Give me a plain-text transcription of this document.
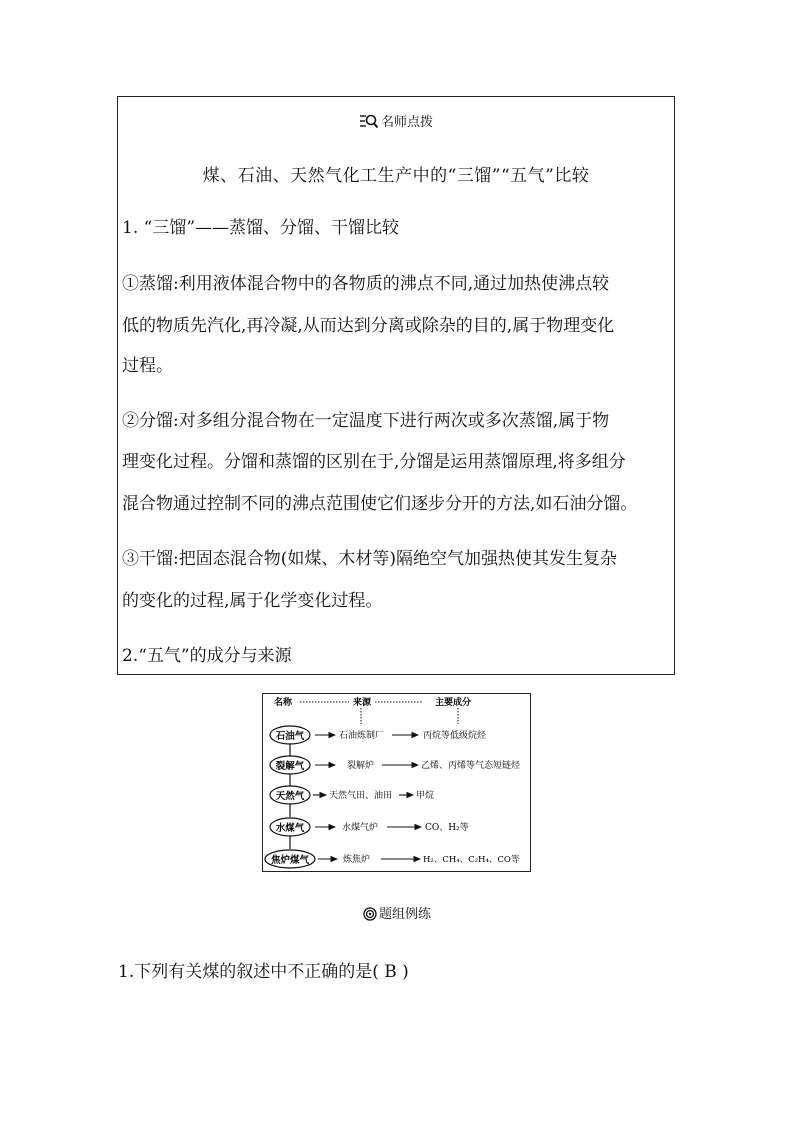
名师点拨
煤、石油、天然气化工生产中的“三馏”“五气”比较
1. “三馏”——蒸馏、分馏、干馏比较
①蒸馏:利用液体混合物中的各物质的沸点不同,通过加热使沸点较
低的物质先汽化,再冷凝,从而达到分离或除杂的目的,属于物理变化
过程。
②分馏:对多组分混合物在一定温度下进行两次或多次蒸馏,属于物
理变化过程。分馏和蒸馏的区别在于,分馏是运用蒸馏原理,将多组分
混合物通过控制不同的沸点范围使它们逐步分开的方法,如石油分馏。
③干馏:把固态混合物(如煤、木材等)隔绝空气加强热使其发生复杂
的变化的过程,属于化学变化过程。
2.“五气”的成分与来源
名称	来源	主要成分
石油气	石油炼制厂	丙烷等低级烷烃
裂解气	裂解炉	乙烯、丙烯等气态短链烃
天然气	天然气田、油田	甲烷
水煤气	水煤气炉	CO、H₂等
焦炉煤气	炼焦炉	H₂、CH₄、C₂H₄、CO等
题组例练
1.下列有关煤的叙述中不正确的是( B )
